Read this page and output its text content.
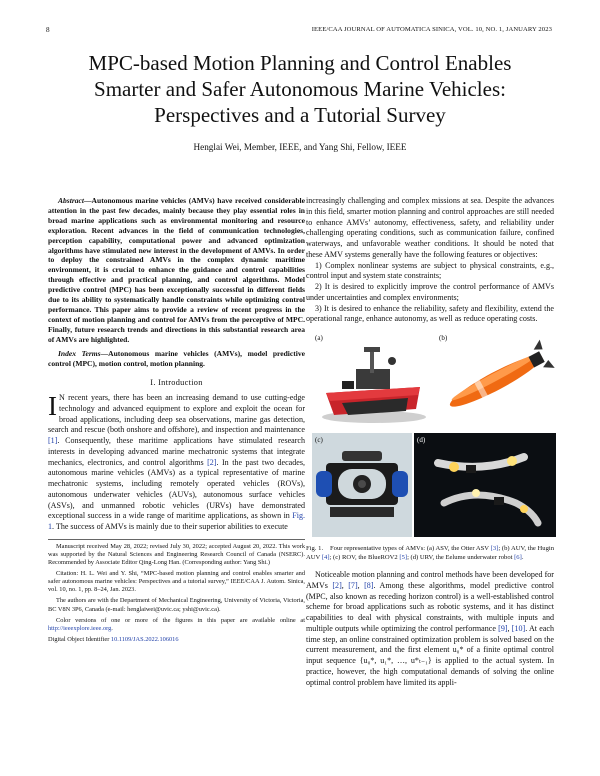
8	IEEE/CAA JOURNAL OF AUTOMATICA SINICA, VOL. 10, NO. 1, JANUARY 2023
MPC-based Motion Planning and Control Enables
Smarter and Safer Autonomous Marine Vehicles:
Perspectives and a Tutorial Survey
Henglai Wei, Member, IEEE, and Yang Shi, Fellow, IEEE

Abstract—Autonomous marine vehicles (AMVs) have received considerable attention in the past few decades, mainly because they play essential roles in broad marine applications such as environmental monitoring and resource exploration. Recent advances in the field of communication technologies, perception capability, computational power and advanced optimization algorithms have stimulated new interest in the development of AMVs. In order to deploy the constrained AMVs in the complex dynamic maritime environment, it is crucial to enhance the guidance and control capabilities through effective and practical planning, and control algorithms. Model predictive control (MPC) has been exceptionally successful in different fields due to its ability to systematically handle constraints while optimizing control performance. This paper aims to provide a review of recent progress in the context of motion planning and control for AMVs from the perceptive of MPC. Finally, future research trends and directions in this substantial research area of AMVs are highlighted.

Index Terms—Autonomous marine vehicles (AMVs), model predictive control (MPC), motion control, motion planning.

I. Introduction

I N recent years, there has been an increasing demand to use cutting-edge technology and advanced equipment to explore and exploit the ocean for broad applications, including deep sea observations, marine gas detection, search and rescue (both onshore and offshore), and inspection and maintenance [1]. Consequently, these maritime applications have stimulated research interests in developing advanced marine mechatronic systems that integrate mechanics, electronics, and control algorithms [2]. In the past two decades, autonomous marine vehicles (AMVs) as a typical representative of marine mechatronic systems, including remotely operated vehicles (ROVs), autonomous underwater vehicles (AUVs), autonomous surface vehicles (ASVs), and unmanned robotic vehicles (URVs) have demonstrated exceptional success in a wide range of maritime applications, as shown in Fig. 1. The success of AMVs is mainly due to their superior abilities to execute

Manuscript received May 28, 2022; revised July 30, 2022; accepted August 20, 2022. This work was supported by the Natural Sciences and Engineering Research Council of Canada (NSERC). Recommended by Associate Editor Qing-Long Han. (Corresponding author: Yang Shi.)

Citation: H. L. Wei and Y. Shi, “MPC-based motion planning and control enables smarter and safer autonomous marine vehicles: Perspectives and a tutorial survey,” IEEE/CAA J. Autom. Sinica, vol. 10, no. 1, pp. 8–24, Jan. 2023.

The authors are with the Department of Mechanical Engineering, University of Victoria, Victoria, BC V8N 3P6, Canada (e-mail: henglaiwei@uvic.ca; yshi@uvic.ca).

Color versions of one or more of the figures in this paper are available online at http://ieeexplore.ieee.org.

Digital Object Identifier 10.1109/JAS.2022.106016

increasingly challenging and complex missions at sea. Despite the advances in this field, smarter motion planning and control approaches are still needed to enhance AMVs’ autonomy, effectiveness, safety, and reliability under challenging operating conditions, such as communication failure, confined waterways, and unfavorable weather conditions. It should be noted that these AMV systems generally have the following features or objectives:

1) Complex nonlinear systems are subject to physical constraints, e.g., control input and system state constraints;

2) It is desired to explicitly improve the control performance of AMVs under uncertainties and complex environments;

3) It is desired to enhance the reliability, safety and flexibility, extend the operational range, enhance autonomy, as well as reduce operating costs.

(a)	(b)
(c)	(d)

Fig. 1. Four representative types of AMVs: (a) ASV, the Otter ASV [3]; (b) AUV, the Hugin AUV [4]; (c) ROV, the BlueROV2 [5]; (d) URV, the Eelume underwater robot [6].

Noticeable motion planning and control methods have been developed for AMVs [2], [7], [8]. Among these algorithms, model predictive control (MPC, also known as receding horizon control) is a well-established control scheme for broad applications such as robotic systems, and it has distinct capabilities to deal with physical constraints, with multiple inputs and multiple outputs while optimizing the control performance [9], [10]. At each time step, an online constrained optimization problem is solved based on the current measurement, and the first element u₀* of a finite optimal control input sequence {u₀*, u₁*, …, u*ₜ₋₁} is applied to the actual system. In practice, however, the high computational demands of solving the online optimal control problem have limited its appli-
